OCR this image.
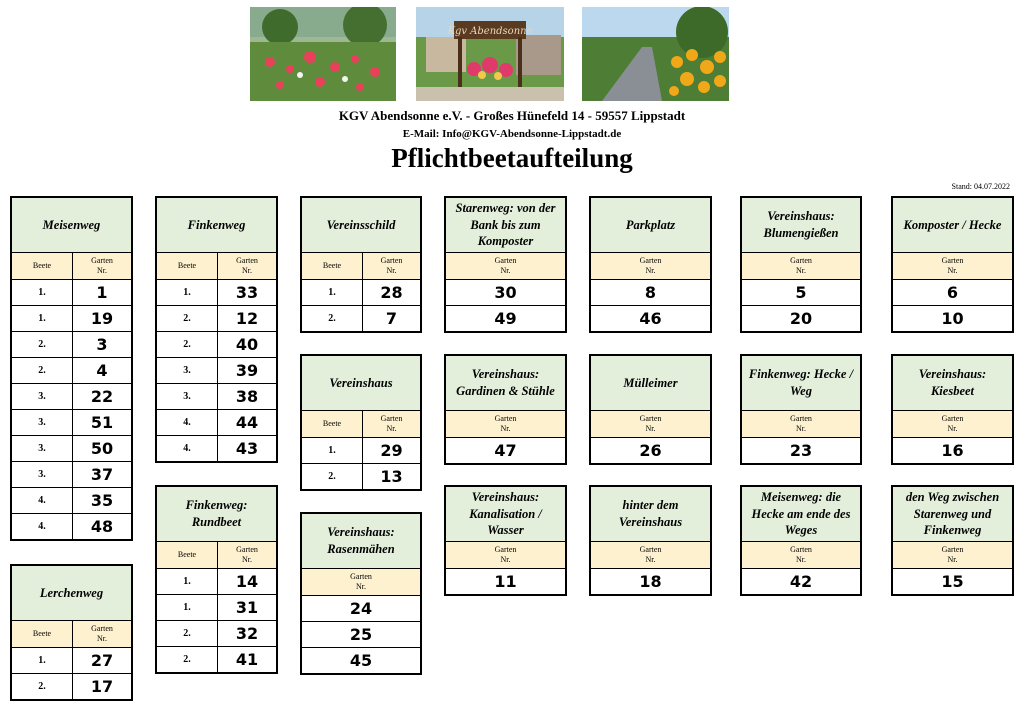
Kgv Abendsonne
KGV Abendsonne e.V. - Großes Hünefeld 14 - 59557 Lippstadt
E-Mail: Info@KGV-Abendsonne-Lippstadt.de
Pflichtbeetaufteilung
Stand: 04.07.2022
Meisenweg
Beete
Garten
Nr.
1.	1
1.	19
2.	3
2.	4
3.	22
3.	51
3.	50
3.	37
4.	35
4.	48
Lerchenweg
Beete
Garten
Nr.
1.	27
2.	17
Finkenweg
Beete
Garten
Nr.
1.	33
2.	12
2.	40
3.	39
3.	38
4.	44
4.	43
Finkenweg: Rundbeet
Beete
Garten
Nr.
1.	14
1.	31
2.	32
2.	41
Vereinsschild
Beete
Garten
Nr.
1.	28
2.	7
Vereinshaus
Beete
Garten
Nr.
1.	29
2.	13
Vereinshaus: Rasenmähen
Garten
Nr.
24
25
45
Starenweg: von der Bank bis zum Komposter
Garten
Nr.
30
49
Parkplatz
Garten
Nr.
8
46
Vereinshaus: Blumengießen
Garten
Nr.
5
20
Komposter / Hecke
Garten
Nr.
6
10
Vereinshaus: Gardinen & Stühle
Garten
Nr.
47
Mülleimer
Garten
Nr.
26
Finkenweg: Hecke / Weg
Garten
Nr.
23
Vereinshaus: Kiesbeet
Garten
Nr.
16
Vereinshaus: Kanalisation / Wasser
Garten
Nr.
11
hinter dem Vereinshaus
Garten
Nr.
18
Meisenweg: die Hecke am ende des Weges
Garten
Nr.
42
den Weg zwischen Starenweg und Finkenweg
Garten
Nr.
15
